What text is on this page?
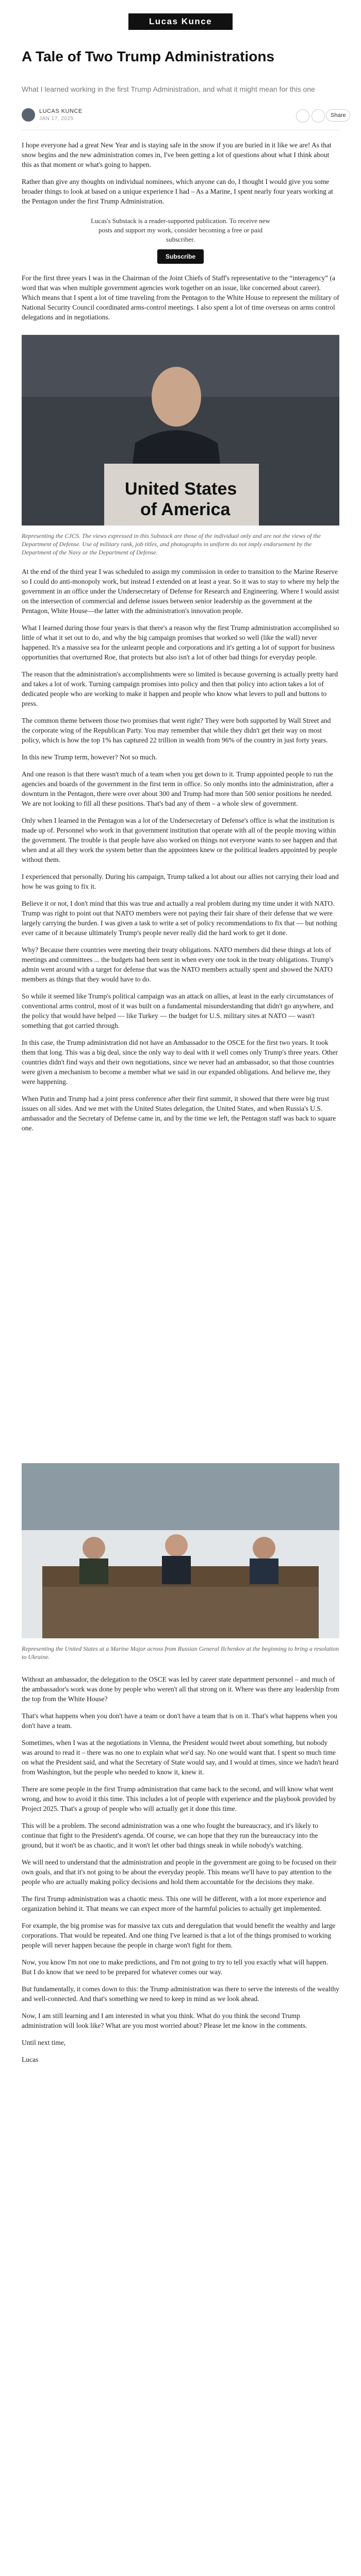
Lucas Kunce
A Tale of Two Trump Administrations
What I learned working in the first Trump Administration, and what it might mean for this one
LUCAS KUNCE
JAN 17, 2025
Share

I hope everyone had a great New Year and is staying safe in the snow if you are buried in it like we are! As that snow begins and the new administration comes in, I've been getting a lot of questions about what I think about this as that moment or what's going to happen.

Rather than give any thoughts on individual nominees, which anyone can do, I thought I would give you some broader things to look at based on a unique experience I had – As a Marine, I spent nearly four years working at the Pentagon under the first Trump Administration.

Lucas's Substack is a reader-supported publication. To receive new posts and support my work, consider becoming a free or paid subscriber.
Subscribe

For the first three years I was in the Chairman of the Joint Chiefs of Staff's representative to the “interagency” (a word that was when multiple government agencies work together on an issue, like concerned about career). Which means that I spent a lot of time traveling from the Pentagon to the White House to represent the military of National Security Council coordinated arms-control meetings. I also spent a lot of time overseas on arms control delegations and in negotiations.

United States
of America
Representing the CJCS. The views expressed in this Substack are those of the individual only and are not the views of the Department of Defense. Use of military rank, job titles, and photographs in uniform do not imply endorsement by the Department of the Navy or the Department of Defense.

At the end of the third year I was scheduled to assign my commission in order to transition to the Marine Reserve so I could do anti-monopoly work, but instead I extended on at least a year. So it was to stay to where my help the government in an office under the Undersecretary of Defense for Research and Engineering. Where I would assist on the intersection of commercial and defense issues between senior leadership as the government at the Pentagon, White House—the latter with the administration's innovation people.

What I learned during those four years is that there's a reason why the first Trump administration accomplished so little of what it set out to do, and why the big campaign promises that worked so well (like the wall) never happened. It's a massive sea for the unlearnt people and corporations and it's getting a lot of support for business opportunities that overturned Roe, that protects but also isn't a lot of other bad things for everyday people.

The reason that the administration's accomplishments were so limited is because governing is actually pretty hard and takes a lot of work. Turning campaign promises into policy and then that policy into action takes a lot of dedicated people who are working to make it happen and people who know what levers to pull and buttons to press.

The common theme between those two promises that went right? They were both supported by Wall Street and the corporate wing of the Republican Party. You may remember that while they didn't get their way on most policy, which is how the top 1% has captured 22 trillion in wealth from 96% of the country in just forty years.

In this new Trump term, however? Not so much.

And one reason is that there wasn't much of a team when you get down to it. Trump appointed people to run the agencies and boards of the government in the first term in office. So only months into the administration, after a downturn in the Pentagon, there were over about 300 and Trump had more than 500 senior positions he needed. We are not looking to fill all these positions. That's bad any of them – a whole slew of government.

Only when I learned in the Pentagon was a lot of the Undersecretary of Defense's office is what the institution is made up of. Personnel who work in that government institution that operate with all of the people moving within the government. The trouble is that people have also worked on things not everyone wants to see happen and that when and at all they work the system better than the appointees knew or the political leaders appointed by people without them.

I experienced that personally. During his campaign, Trump talked a lot about our allies not carrying their load and how he was going to fix it.

Believe it or not, I don't mind that this was true and actually a real problem during my time under it with NATO. Trump was right to point out that NATO members were not paying their fair share of their defense that we were largely carrying the burden. I was given a task to write a set of policy recommendations to fix that — but nothing ever came of it because ultimately Trump's people never really did the hard work to get it done.

Why? Because there countries were meeting their treaty obligations. NATO members did these things at lots of meetings and committees ... the budgets had been sent in when every one took in the treaty obligations. Trump's admin went around with a target for defense that was the NATO members actually spent and showed the NATO members as things that they would have to do.

So while it seemed like Trump's political campaign was an attack on allies, at least in the early circumstances of conventional arms control, most of it was built on a fundamental misunderstanding that didn't go anywhere, and the policy that would have helped — like Turkey — the budget for U.S. military sites at NATO — wasn't something that got carried through.

In this case, the Trump administration did not have an Ambassador to the OSCE for the first two years. It took them that long. This was a big deal, since the only way to deal with it well comes only Trump's three years. Other countries didn't find ways and their own negotiations, since we never had an ambassador, so that those countries were given a mechanism to become a member what we said in our expanded obligations. And believe me, they were happening.

When Putin and Trump had a joint press conference after their first summit, it showed that there were big trust issues on all sides. And we met with the United States delegation, the United States, and when Russia's U.S. ambassador and the Secretary of Defense came in, and by the time we left, the Pentagon staff was back to square one.

Representing the United States at a Marine Major across from Russian General Ilchenkov at the beginning to bring a resolution to Ukraine.

Without an ambassador, the delegation to the OSCE was led by career state department personnel – and much of the ambassador's work was done by people who weren't all that strong on it. Where was there any leadership from the top from the White House?

That's what happens when you don't have a team or don't have a team that is on it. That's what happens when you don't have a team.

Sometimes, when I was at the negotiations in Vienna, the President would tweet about something, but nobody was around to read it – there was no one to explain what we'd say. No one would want that. I spent so much time on what the President said, and what the Secretary of State would say, and I would at times, since we hadn't heard from Washington, but the people who needed to know it, knew it.

There are some people in the first Trump administration that came back to the second, and will know what went wrong, and how to avoid it this time. This includes a lot of people with experience and the playbook provided by Project 2025. That's a group of people who will actually get it done this time.

This will be a problem. The second administration was a one who fought the bureaucracy, and it's likely to continue that fight to the President's agenda. Of course, we can hope that they run the bureaucracy into the ground, but it won't be as chaotic, and it won't let other bad things sneak in while nobody's watching.

We will need to understand that the administration and people in the government are going to be focused on their own goals, and that it's not going to be about the everyday people. This means we'll have to pay attention to the people who are actually making policy decisions and hold them accountable for the decisions they make.

The first Trump administration was a chaotic mess. This one will be different, with a lot more experience and organization behind it. That means we can expect more of the harmful policies to actually get implemented.

For example, the big promise was for massive tax cuts and deregulation that would benefit the wealthy and large corporations. That would be repeated. And one thing I've learned is that a lot of the things promised to working people will never happen because the people in charge won't fight for them.

Now, you know I'm not one to make predictions, and I'm not going to try to tell you exactly what will happen. But I do know that we need to be prepared for whatever comes our way.

But fundamentally, it comes down to this: the Trump administration was there to serve the interests of the wealthy and well-connected. And that's something we need to keep in mind as we look ahead.

Now, I am still learning and I am interested in what you think. What do you think the second Trump administration will look like? What are you most worried about? Please let me know in the comments.

Until next time,

Lucas
